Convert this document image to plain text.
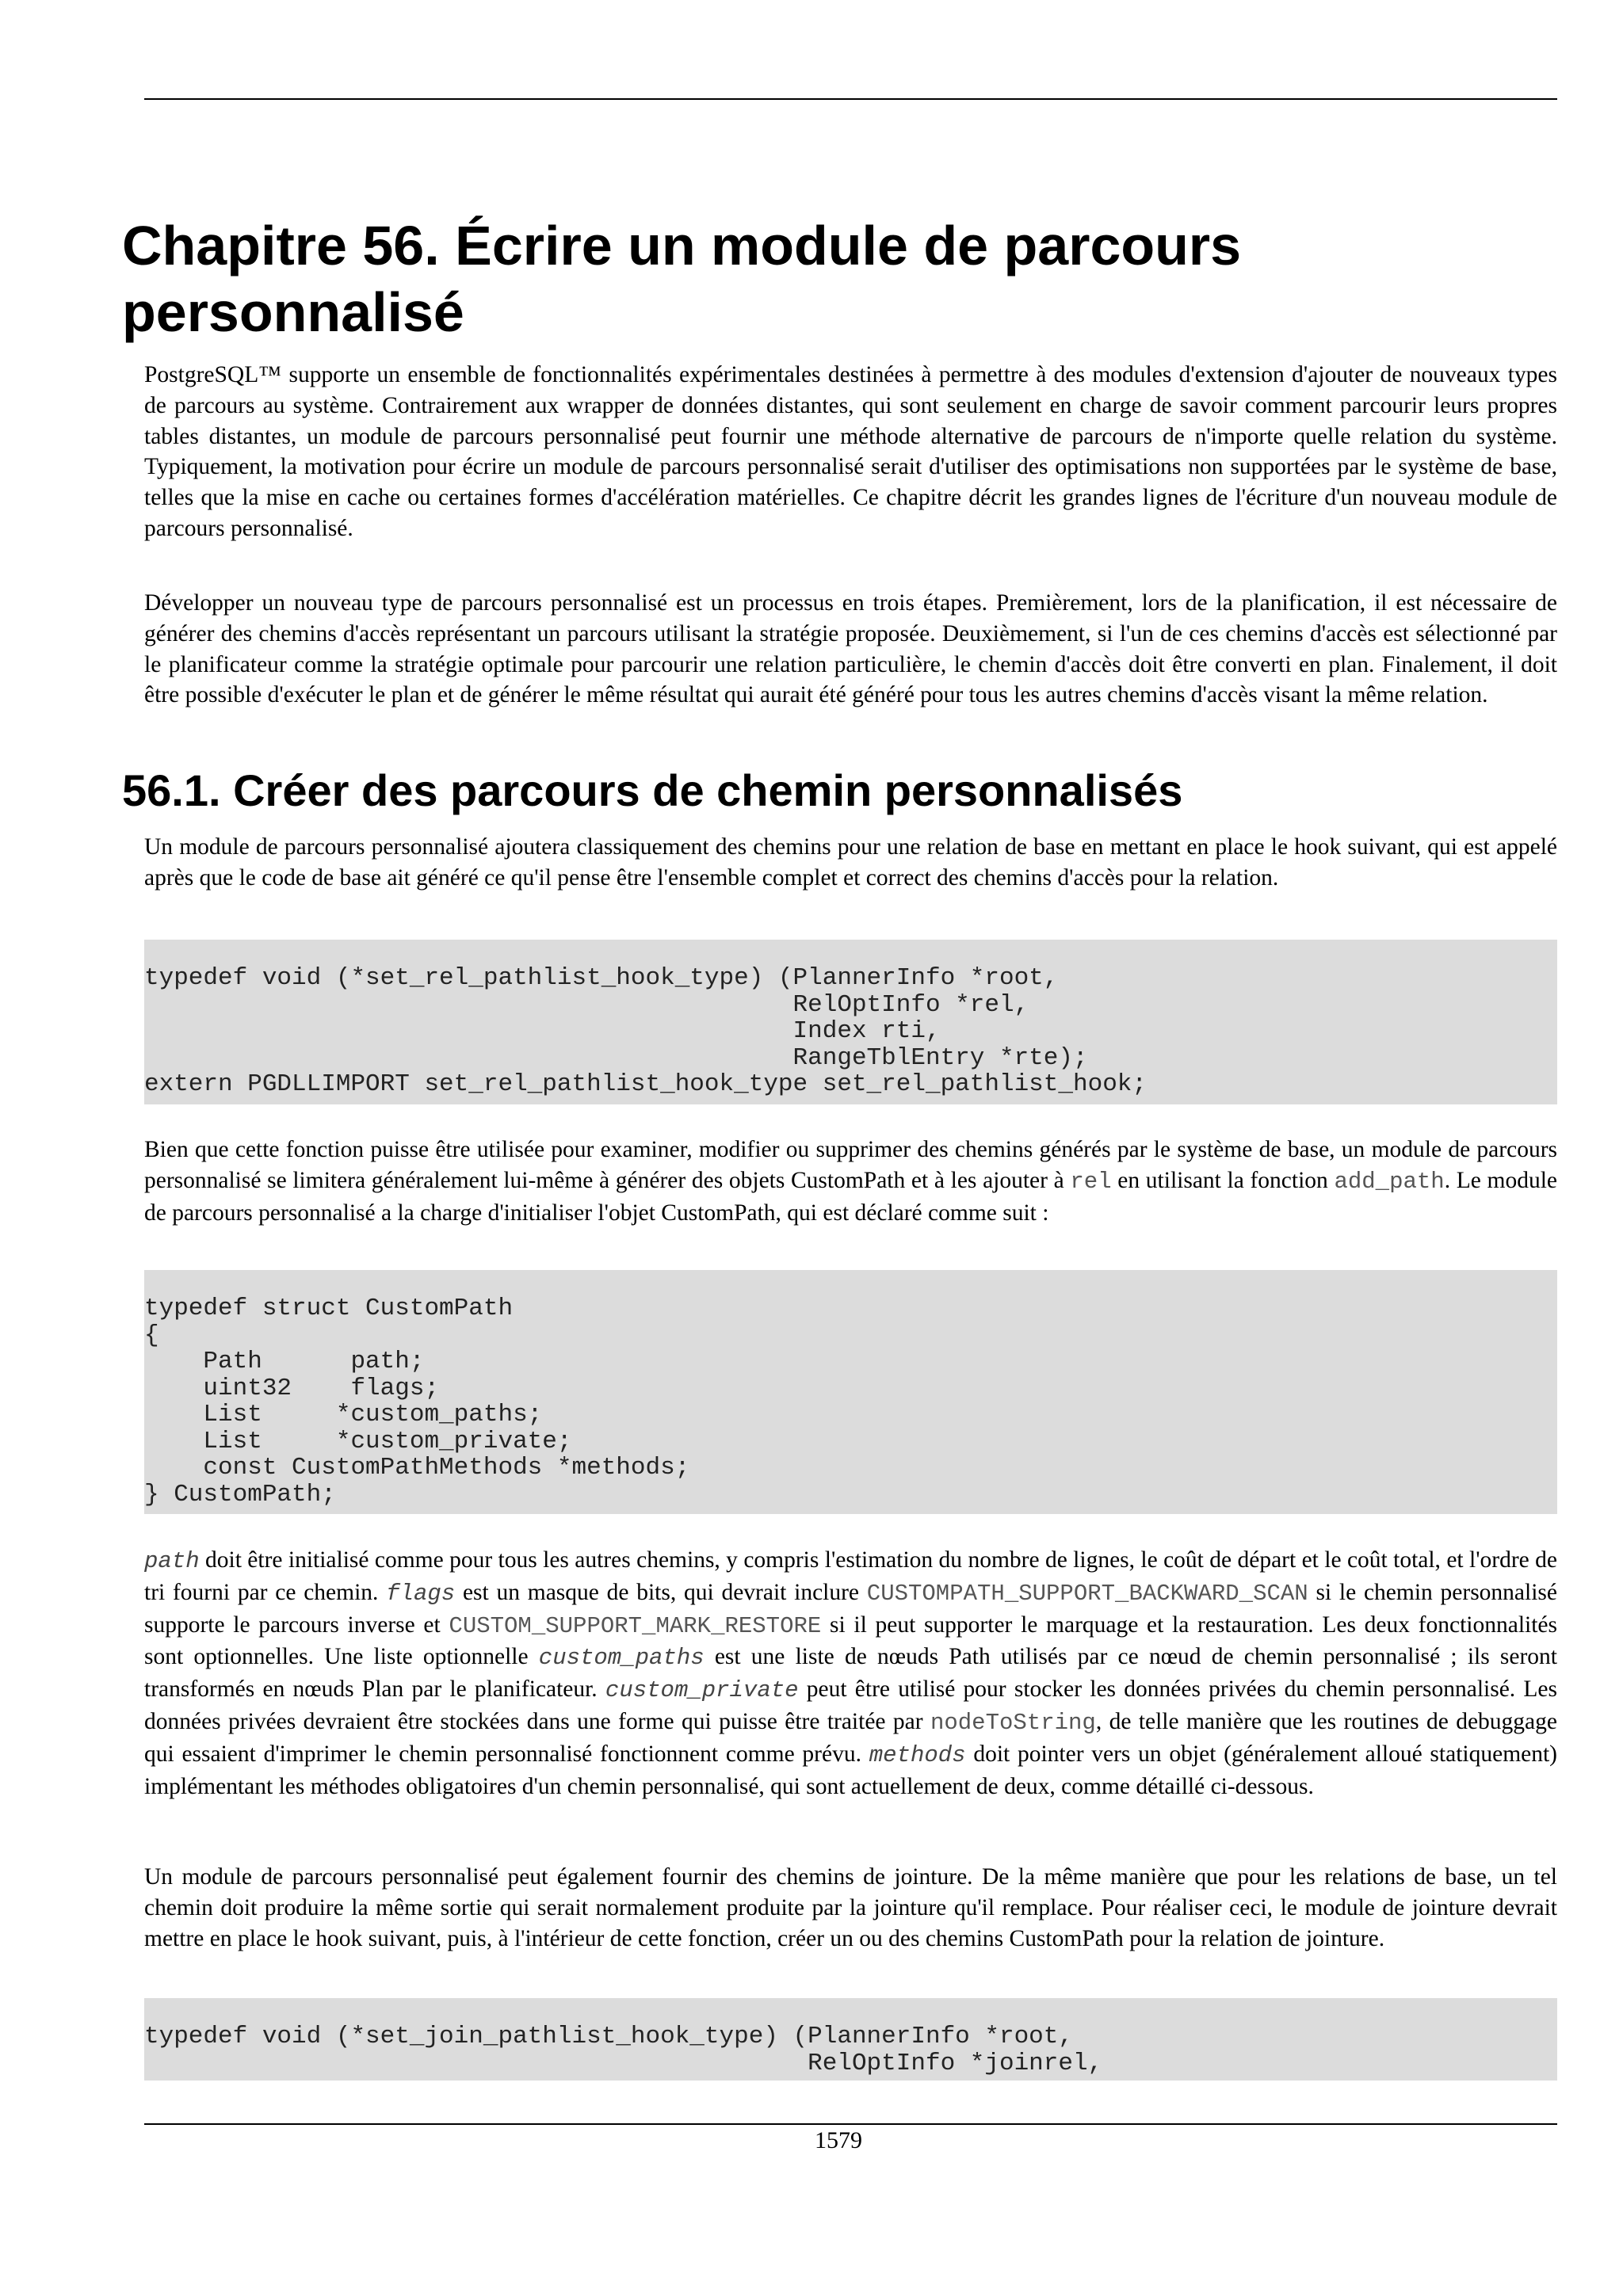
Chapitre 56. Écrire un module de parcours personnalisé

PostgreSQL™ supporte un ensemble de fonctionnalités expérimentales destinées à permettre à des modules d'extension d'ajouter de nouveaux types de parcours au système. Contrairement aux wrapper de données distantes, qui sont seulement en charge de savoir comment parcourir leurs propres tables distantes, un module de parcours personnalisé peut fournir une méthode alternative de parcours de n'importe quelle relation du système. Typiquement, la motivation pour écrire un module de parcours personnalisé serait d'utiliser des optimisations non supportées par le système de base, telles que la mise en cache ou certaines formes d'accélération matérielles. Ce chapitre décrit les grandes lignes de l'écriture d'un nouveau module de parcours personnalisé.

Développer un nouveau type de parcours personnalisé est un processus en trois étapes. Premièrement, lors de la planification, il est nécessaire de générer des chemins d'accès représentant un parcours utilisant la stratégie proposée. Deuxièmement, si l'un de ces chemins d'accès est sélectionné par le planificateur comme la stratégie optimale pour parcourir une relation particulière, le chemin d'accès doit être converti en plan. Finalement, il doit être possible d'exécuter le plan et de générer le même résultat qui aurait été généré pour tous les autres chemins d'accès visant la même relation.

56.1. Créer des parcours de chemin personnalisés

Un module de parcours personnalisé ajoutera classiquement des chemins pour une relation de base en mettant en place le hook suivant, qui est appelé après que le code de base ait généré ce qu'il pense être l'ensemble complet et correct des chemins d'accès pour la relation.

typedef void (*set_rel_pathlist_hook_type) (PlannerInfo *root,
RelOptInfo *rel,
Index rti,
RangeTblEntry *rte);
extern PGDLLIMPORT set_rel_pathlist_hook_type set_rel_pathlist_hook;

Bien que cette fonction puisse être utilisée pour examiner, modifier ou supprimer des chemins générés par le système de base, un module de parcours personnalisé se limitera généralement lui-même à générer des objets CustomPath et à les ajouter à rel en utilisant la fonction add_path. Le module de parcours personnalisé a la charge d'initialiser l'objet CustomPath, qui est déclaré comme suit :

typedef struct CustomPath
{
Path      path;
uint32    flags;
List     *custom_paths;
List     *custom_private;
const CustomPathMethods *methods;
} CustomPath;

path doit être initialisé comme pour tous les autres chemins, y compris l'estimation du nombre de lignes, le coût de départ et le coût total, et l'ordre de tri fourni par ce chemin. flags est un masque de bits, qui devrait inclure CUSTOMPATH_SUPPORT_BACKWARD_SCAN si le chemin personnalisé supporte le parcours inverse et CUSTOM_SUPPORT_MARK_RESTORE si il peut supporter le marquage et la restauration. Les deux fonctionnalités sont optionnelles. Une liste optionnelle custom_paths est une liste de nœuds Path utilisés par ce nœud de chemin personnalisé ; ils seront transformés en nœuds Plan par le planificateur. custom_private peut être utilisé pour stocker les données privées du chemin personnalisé. Les données privées devraient être stockées dans une forme qui puisse être traitée par nodeToString, de telle manière que les routines de debuggage qui essaient d'imprimer le chemin personnalisé fonctionnent comme prévu. methods doit pointer vers un objet (généralement alloué statiquement) implémentant les méthodes obligatoires d'un chemin personnalisé, qui sont actuellement de deux, comme détaillé ci-dessous.

Un module de parcours personnalisé peut également fournir des chemins de jointure. De la même manière que pour les relations de base, un tel chemin doit produire la même sortie qui serait normalement produite par la jointure qu'il remplace. Pour réaliser ceci, le module de jointure devrait mettre en place le hook suivant, puis, à l'intérieur de cette fonction, créer un ou des chemins CustomPath pour la relation de jointure.

typedef void (*set_join_pathlist_hook_type) (PlannerInfo *root,
RelOptInfo *joinrel,

1579
